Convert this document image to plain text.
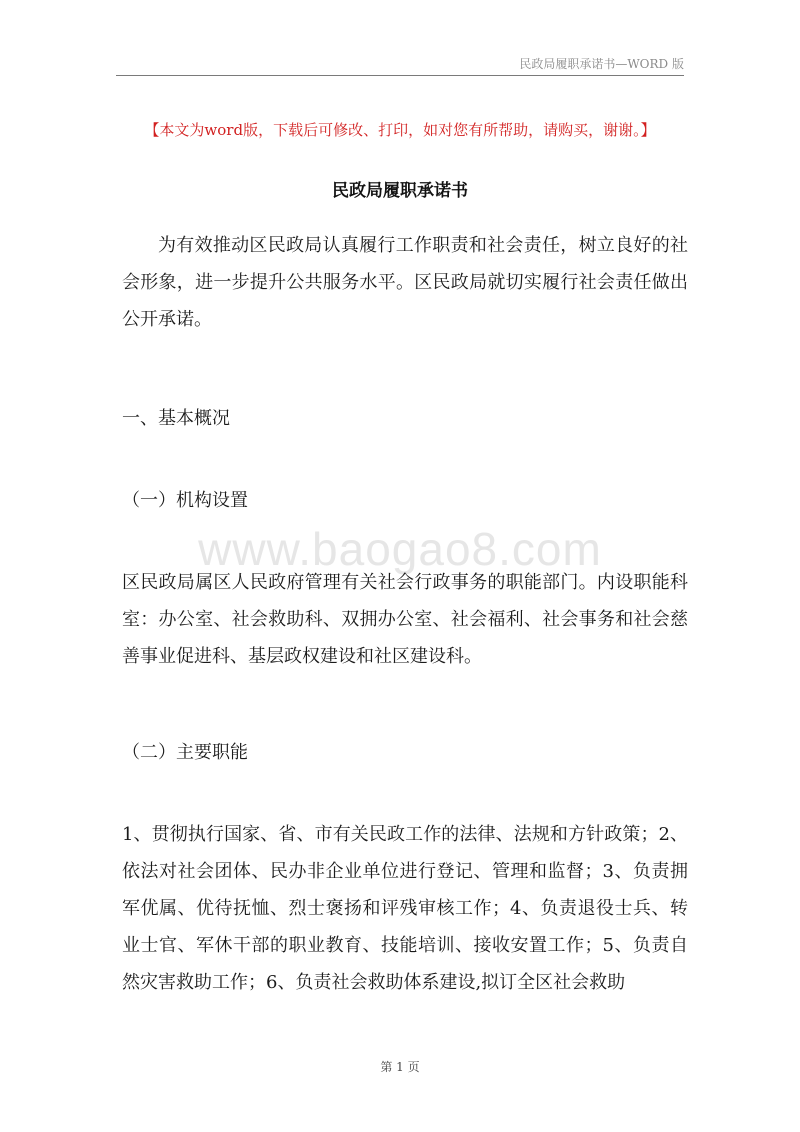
民政局履职承诺书—WORD 版
www.baogao8.com
【本文为word版，下载后可修改、打印，如对您有所帮助，请购买，谢谢。】
民政局履职承诺书

为有效推动区民政局认真履行工作职责和社会责任，树立良好的社会形象，进一步提升公共服务水平。区民政局就切实履行社会责任做出公开承诺。

一、基本概况
（一）机构设置

区民政局属区人民政府管理有关社会行政事务的职能部门。内设职能科室：办公室、社会救助科、双拥办公室、社会福利、社会事务和社会慈善事业促进科、基层政权建设和社区建设科。

（二）主要职能

1、贯彻执行国家、省、市有关民政工作的法律、法规和方针政策；2、依法对社会团体、民办非企业单位进行登记、管理和监督；3、负责拥军优属、优待抚恤、烈士褒扬和评残审核工作；4、负责退役士兵、转业士官、军休干部的职业教育、技能培训、接收安置工作；5、负责自然灾害救助工作；6、负责社会救助体系建设,拟订全区社会救助

第 1 页
